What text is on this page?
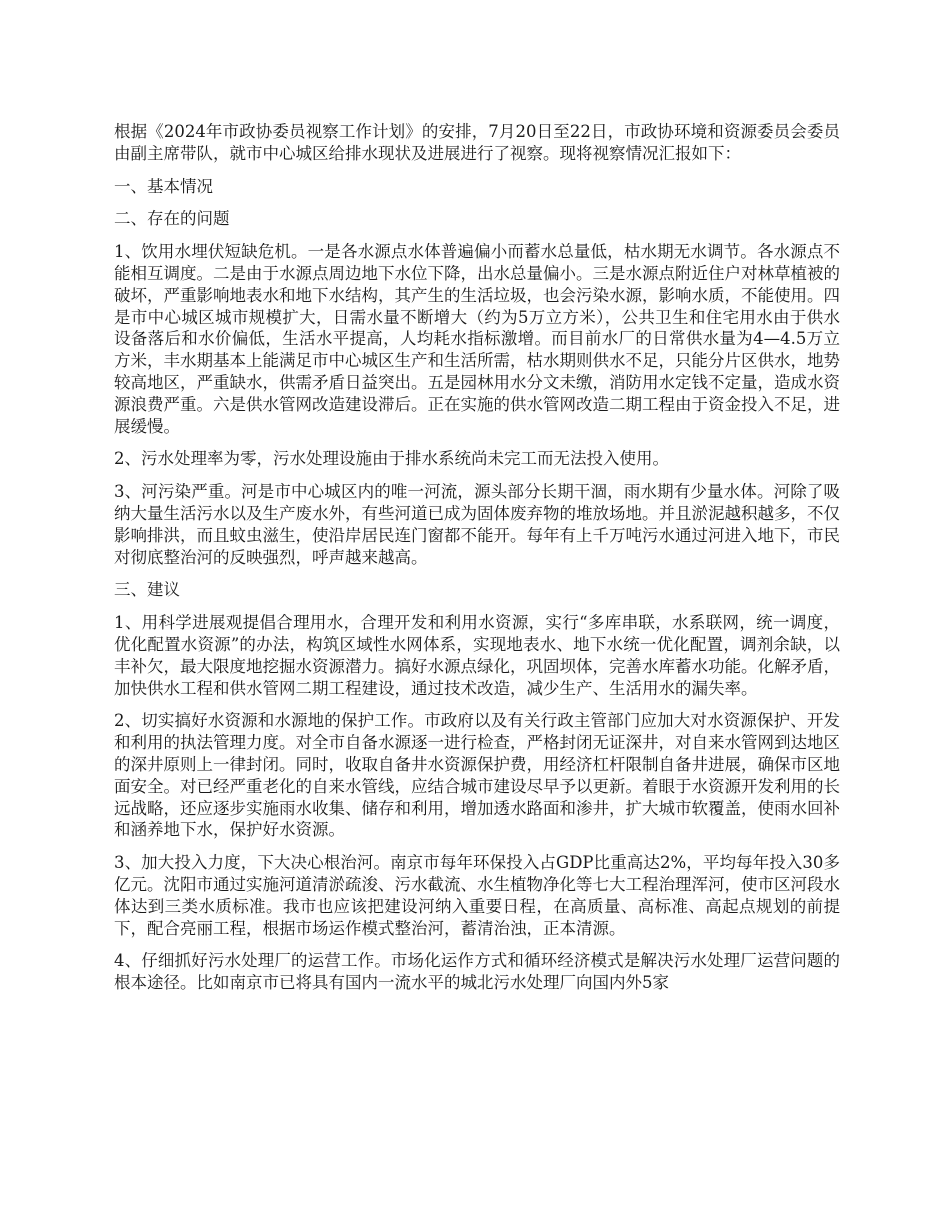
根据《2024年市政协委员视察工作计划》的安排，7月20日至22日，市政协环境和资源委员会委员由副主席带队，就市中心城区给排水现状及进展进行了视察。现将视察情况汇报如下：

一、基本情况

二、存在的问题

1、饮用水埋伏短缺危机。一是各水源点水体普遍偏小而蓄水总量低，枯水期无水调节。各水源点不能相互调度。二是由于水源点周边地下水位下降，出水总量偏小。三是水源点附近住户对林草植被的破坏，严重影响地表水和地下水结构，其产生的生活垃圾，也会污染水源，影响水质，不能使用。四是市中心城区城市规模扩大，日需水量不断增大（约为5万立方米），公共卫生和住宅用水由于供水设备落后和水价偏低，生活水平提高，人均耗水指标激增。而目前水厂的日常供水量为4—4.5万立方米，丰水期基本上能满足市中心城区生产和生活所需，枯水期则供水不足，只能分片区供水，地势较高地区，严重缺水，供需矛盾日益突出。五是园林用水分文未缴，消防用水定钱不定量，造成水资源浪费严重。六是供水管网改造建设滞后。正在实施的供水管网改造二期工程由于资金投入不足，进展缓慢。

2、污水处理率为零，污水处理设施由于排水系统尚未完工而无法投入使用。

3、河污染严重。河是市中心城区内的唯一河流，源头部分长期干涸，雨水期有少量水体。河除了吸纳大量生活污水以及生产废水外，有些河道已成为固体废弃物的堆放场地。并且淤泥越积越多，不仅影响排洪，而且蚊虫滋生，使沿岸居民连门窗都不能开。每年有上千万吨污水通过河进入地下，市民对彻底整治河的反映强烈，呼声越来越高。

三、建议

1、用科学进展观提倡合理用水，合理开发和利用水资源，实行“多库串联，水系联网，统一调度，优化配置水资源”的办法，构筑区域性水网体系，实现地表水、地下水统一优化配置，调剂余缺，以丰补欠，最大限度地挖掘水资源潜力。搞好水源点绿化，巩固坝体，完善水库蓄水功能。化解矛盾，加快供水工程和供水管网二期工程建设，通过技术改造，减少生产、生活用水的漏失率。

2、切实搞好水资源和水源地的保护工作。市政府以及有关行政主管部门应加大对水资源保护、开发和利用的执法管理力度。对全市自备水源逐一进行检查，严格封闭无证深井，对自来水管网到达地区的深井原则上一律封闭。同时，收取自备井水资源保护费，用经济杠杆限制自备井进展，确保市区地面安全。对已经严重老化的自来水管线，应结合城市建设尽早予以更新。着眼于水资源开发利用的长远战略，还应逐步实施雨水收集、储存和利用，增加透水路面和渗井，扩大城市软覆盖，使雨水回补和涵养地下水，保护好水资源。

3、加大投入力度，下大决心根治河。南京市每年环保投入占GDP比重高达2%，平均每年投入30多亿元。沈阳市通过实施河道清淤疏浚、污水截流、水生植物净化等七大工程治理浑河，使市区河段水体达到三类水质标准。我市也应该把建设河纳入重要日程，在高质量、高标准、高起点规划的前提下，配合亮丽工程，根据市场运作模式整治河，蓄清治浊，正本清源。

4、仔细抓好污水处理厂的运营工作。市场化运作方式和循环经济模式是解决污水处理厂运营问题的根本途径。比如南京市已将具有国内一流水平的城北污水处理厂向国内外5家
